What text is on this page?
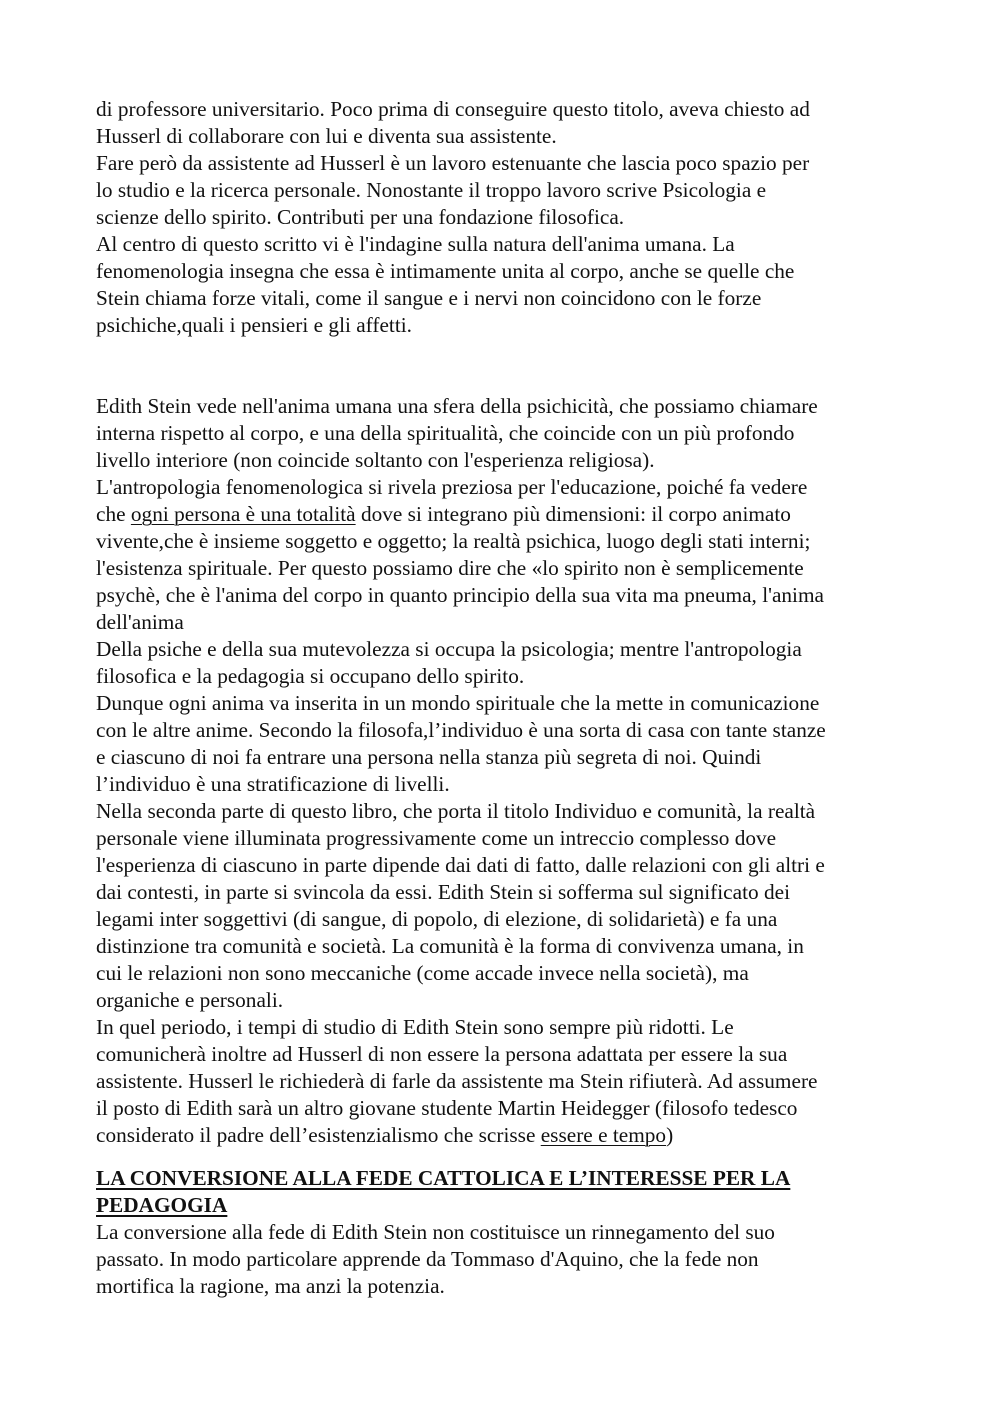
di professore universitario. Poco prima di conseguire questo titolo, aveva chiesto ad
Husserl di collaborare con lui e diventa sua assistente.
Fare però da assistente ad Husserl è un lavoro estenuante che lascia poco spazio per
lo studio e la ricerca personale. Nonostante il troppo lavoro scrive Psicologia e
scienze dello spirito. Contributi per una fondazione filosofica.
Al centro di questo scritto vi è l'indagine sulla natura dell'anima umana. La
fenomenologia insegna che essa è intimamente unita al corpo, anche se quelle che
Stein chiama forze vitali, come il sangue e i nervi non coincidono con le forze
psichiche,quali i pensieri e gli affetti.
Edith Stein vede nell'anima umana una sfera della psichicità, che possiamo chiamare
interna rispetto al corpo, e una della spiritualità, che coincide con un più profondo
livello interiore (non coincide soltanto con l'esperienza religiosa).
L'antropologia fenomenologica si rivela preziosa per l'educazione, poiché fa vedere
che ogni persona è una totalità dove si integrano più dimensioni: il corpo animato
vivente,che è insieme soggetto e oggetto; la realtà psichica, luogo degli stati interni;
l'esistenza spirituale. Per questo possiamo dire che «lo spirito non è semplicemente
psychè, che è l'anima del corpo in quanto principio della sua vita ma pneuma, l'anima
dell'anima
Della psiche e della sua mutevolezza si occupa la psicologia; mentre l'antropologia
filosofica e la pedagogia si occupano dello spirito.
Dunque ogni anima va inserita in un mondo spirituale che la mette in comunicazione
con le altre anime. Secondo la filosofa,l’individuo è una sorta di casa con tante stanze
e ciascuno di noi fa entrare una persona nella stanza più segreta di noi. Quindi
l’individuo è una stratificazione di livelli.
Nella seconda parte di questo libro, che porta il titolo Individuo e comunità, la realtà
personale viene illuminata progressivamente come un intreccio complesso dove
l'esperienza di ciascuno in parte dipende dai dati di fatto, dalle relazioni con gli altri e
dai contesti, in parte si svincola da essi. Edith Stein si sofferma sul significato dei
legami inter soggettivi (di sangue, di popolo, di elezione, di solidarietà) e fa una
distinzione tra comunità e società. La comunità è la forma di convivenza umana, in
cui le relazioni non sono meccaniche (come accade invece nella società), ma
organiche e personali.
In quel periodo, i tempi di studio di Edith Stein sono sempre più ridotti. Le
comunicherà inoltre ad Husserl di non essere la persona adattata per essere la sua
assistente. Husserl le richiederà di farle da assistente ma Stein rifiuterà. Ad assumere
il posto di Edith sarà un altro giovane studente Martin Heidegger (filosofo tedesco
considerato il padre dell’esistenzialismo che scrisse essere e tempo)
LA CONVERSIONE ALLA FEDE CATTOLICA E L’INTERESSE PER LA
PEDAGOGIA
La conversione alla fede di Edith Stein non costituisce un rinnegamento del suo
passato. In modo particolare apprende da Tommaso d'Aquino, che la fede non
mortifica la ragione, ma anzi la potenzia.
